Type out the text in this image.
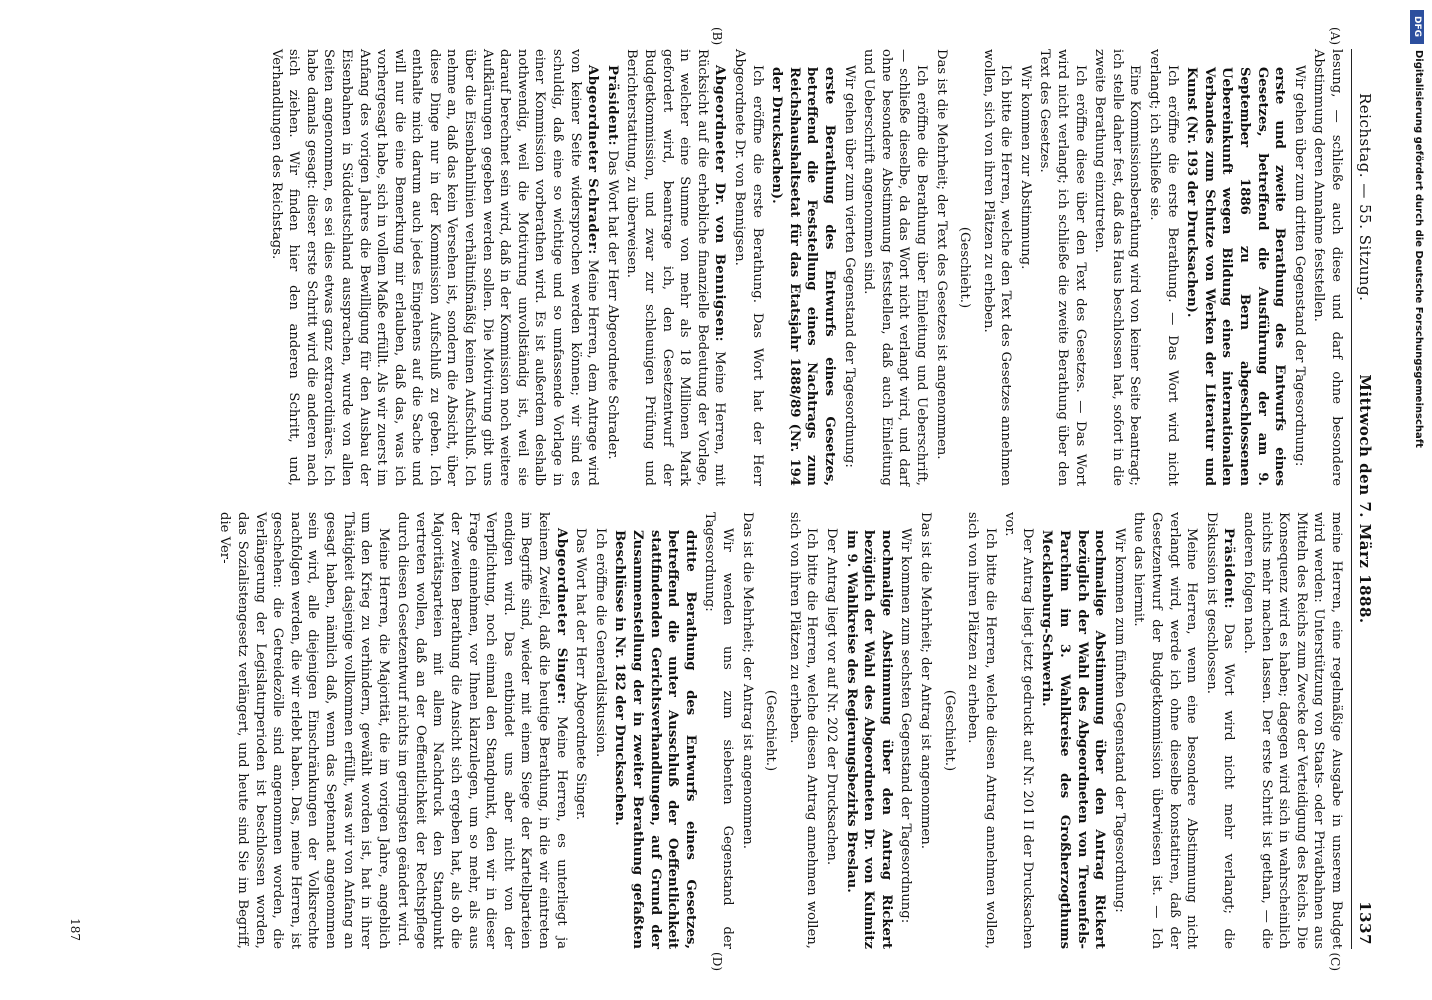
Reichstag. — 55. Sitzung.
Mittwoch den 7. März 1888.
1337
(A)
(B)

lesung, — schließe auch diese und darf ohne besondere Abstimmung deren Annahme feststellen.

Wir gehen über zum dritten Gegenstand der Tagesordnung:

erste und zweite Berathung des Entwurfs eines Gesetzes, betreffend die Ausführung der am 9. September 1886 zu Bern abgeschlossenen Uebereinkunft wegen Bildung eines internationalen Verbandes zum Schutze von Werken der Literatur und Kunst (Nr. 193 der Drucksachen).

Ich eröffne die erste Berathung. — Das Wort wird nicht verlangt; ich schließe sie.

Eine Kommissionsberathung wird von keiner Seite beantragt; ich stelle daher fest, daß das Haus beschlossen hat, sofort in die zweite Berathung einzutreten.

Ich eröffne diese über den Text des Gesetzes. — Das Wort wird nicht verlangt; ich schließe die zweite Berathung über den Text des Gesetzes.

Wir kommen zur Abstimmung.

Ich bitte die Herren, welche den Text des Gesetzes annehmen wollen, sich von ihren Plätzen zu erheben.

(Geschieht.)

Das ist die Mehrheit; der Text des Gesetzes ist angenommen.

Ich eröffne die Berathung über Einleitung und Ueberschrift, — schließe dieselbe, da das Wort nicht verlangt wird, und darf ohne besondere Abstimmung feststellen, daß auch Einleitung und Ueberschrift angenommen sind.

Wir gehen über zum vierten Gegenstand der Tagesordnung:

erste Berathung des Entwurfs eines Gesetzes, betreffend die Feststellung eines Nachtrags zum Reichshaushaltsetat für das Etatsjahr 1888/89 (Nr. 194 der Drucksachen).

Ich eröffne die erste Berathung. Das Wort hat der Herr Abgeordnete Dr. von Bennigsen.

Abgeordneter Dr. von Bennigsen: Meine Herren, mit Rücksicht auf die erhebliche finanzielle Bedeutung der Vorlage, in welcher eine Summe von mehr als 18 Millionen Mark gefordert wird, beantrage ich, den Gesetzentwurf der Budgetkommission, und zwar zur schleunigen Prüfung und Berichterstattung, zu überweisen.

Präsident: Das Wort hat der Herr Abgeordnete Schrader.

Abgeordneter Schrader: Meine Herren, dem Antrage wird von keiner Seite widersprochen werden können; wir sind es schuldig, daß eine so wichtige und so umfassende Vorlage in einer Kommission vorberathen wird. Es ist außerdem deshalb nothwendig, weil die Motivirung unvollständig ist, weil sie darauf berechnet sein wird, daß in der Kommission noch weitere Aufklärungen gegeben werden sollen. Die Motivirung gibt uns über die Eisenbahnlinien verhältnißmäßig keinen Aufschluß. Ich nehme an, daß das kein Versehen ist, sondern die Absicht, über diese Dinge nur in der Kommission Aufschluß zu geben. Ich enthalte mich darum auch jedes Eingehens auf die Sache und will nur die eine Bemerkung mir erlauben, daß das, was ich vorhergesagt habe, sich in vollem Maße erfüllt. Als wir zuerst im Anfang des vorigen Jahres die Bewilligung für den Ausbau der Eisenbahnen in Süddeutschland aussprachen, wurde von allen Seiten angenommen, es sei dies etwas ganz extraordinäres. Ich habe damals gesagt: dieser erste Schritt wird die anderen nach sich ziehen. Wir finden hier den anderen Schritt, und, Verhandlungen des Reichstags.

(C)
(D)
187	meine Herren, eine regelmäßige Ausgabe in unserem Budget wird werden: Unterstützung von Staats- oder Privatbahnen aus Mitteln des Reichs zum Zwecke der Verteidigung des Reichs. Die Konsequenz wird es haben; dagegen wird sich in wahrscheinlich nichts mehr machen lassen. Der erste Schritt ist gethan, — die anderen folgen nach.

Präsident: Das Wort wird nicht mehr verlangt; die Diskussion ist geschlossen.

Meine Herren, wenn eine besondere Abstimmung nicht verlangt wird, werde ich ohne dieselbe konstatiren, daß der Gesetzentwurf der Budgetkommission überwiesen ist. — Ich thue das hiermit.

Wir kommen zum fünften Gegenstand der Tagesordnung:

nochmalige Abstimmung über den Antrag Rickert bezüglich der Wahl des Abgeordneten von Treuenfels-Parchim im 3. Wahlkreise des Großherzogthums Mecklenburg-Schwerin.

Der Antrag liegt jetzt gedruckt auf Nr. 201 II der Drucksachen vor.

Ich bitte die Herren, welche diesen Antrag annehmen wollen, sich von ihren Plätzen zu erheben.

(Geschieht.)

Das ist die Mehrheit; der Antrag ist angenommen.

Wir kommen zum sechsten Gegenstand der Tagesordnung:

nochmalige Abstimmung über den Antrag Rickert bezüglich der Wahl des Abgeordneten Dr. von Kulmitz im 9. Wahlkreise des Regierungsbezirks Breslau.

Der Antrag liegt vor auf Nr. 202 der Drucksachen.

Ich bitte die Herren, welche diesen Antrag annehmen wollen, sich von ihren Plätzen zu erheben.

(Geschieht.)

Das ist die Mehrheit; der Antrag ist angenommen.

Wir wenden uns zum siebenten Gegenstand der Tagesordnung:

dritte Berathung des Entwurfs eines Gesetzes, betreffend die unter Ausschluß der Oeffentlichkeit stattfindenden Gerichtsverhandlungen, auf Grund der Zusammenstellung der in zweiter Berathung gefaßten Beschlüsse in Nr. 182 der Drucksachen.

Ich eröffne die Generaldiskussion.

Das Wort hat der Herr Abgeordnete Singer.

Abgeordneter Singer: Meine Herren, es unterliegt ja keinem Zweifel, daß die heutige Berathung, in die wir eintreten im Begriffe sind, wieder mit einem Siege der Kartellparteien endigen wird. Das entbindet uns aber nicht von der Verpflichtung, noch einmal den Standpunkt, den wir in dieser Frage einnehmen, vor Ihnen klarzulegen, um so mehr, als aus der zweiten Berathung die Ansicht sich ergeben hat, als ob die Majoritätsparteien mit allem Nachdruck den Standpunkt vertreten wollen, daß an der Oeffentlichkeit der Rechtspflege durch diesen Gesetzentwurf nichts im geringsten geändert wird.

Meine Herren, die Majorität, die im vorigen Jahre, angeblich um den Krieg zu verhindern, gewählt worden ist, hat in ihrer Thätigkeit dasjenige vollkommen erfüllt, was wir von Anfang an gesagt haben, nämlich daß, wenn das Septennat angenommen sein wird, alle diejenigen Einschränkungen der Volksrechte nachfolgen werden, die wir erlebt haben. Das, meine Herren, ist geschehen: die Getreidezölle sind angenommen worden, die Verlängerung der Legislaturperioden ist beschlossen worden, das Sozialistengesetz verlängert, und heute sind Sie im Begriff, die Ver-

DFG
Digitalisierung gefördert durch die Deutsche Forschungsgemeinschaft
